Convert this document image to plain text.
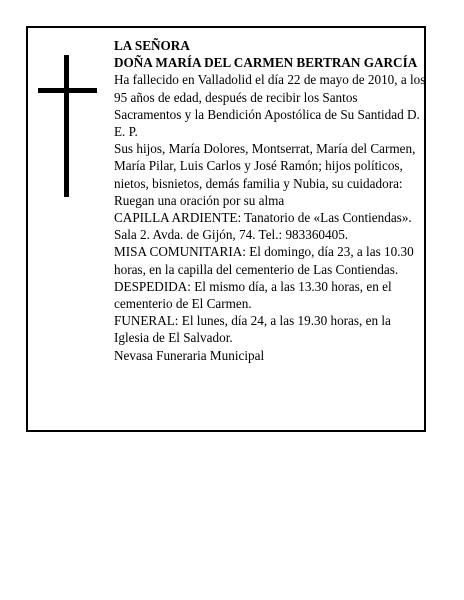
LA SEÑORA

DOÑA MARÍA DEL CARMEN BERTRAN GARCÍA

Ha fallecido en Valladolid el día 22 de mayo de 2010, a los 95 años de edad, después de recibir los Santos Sacramentos y la Bendición Apostólica de Su Santidad D. E. P.

Sus hijos, María Dolores, Montserrat, María del Carmen, María Pilar, Luis Carlos y José Ramón; hijos políticos, nietos, bisnietos, demás familia y Nubia, su cuidadora:

Ruegan una oración por su alma

CAPILLA ARDIENTE: Tanatorio de «Las Contiendas». Sala 2. Avda. de Gijón, 74. Tel.: 983360405.

MISA COMUNITARIA: El domingo, día 23, a las 10.30 horas, en la capilla del cementerio de Las Contiendas.

DESPEDIDA: El mismo día, a las 13.30 horas, en el cementerio de El Carmen.

FUNERAL: El lunes, día 24, a las 19.30 horas, en la Iglesia de El Salvador.

Nevasa Funeraria Municipal
